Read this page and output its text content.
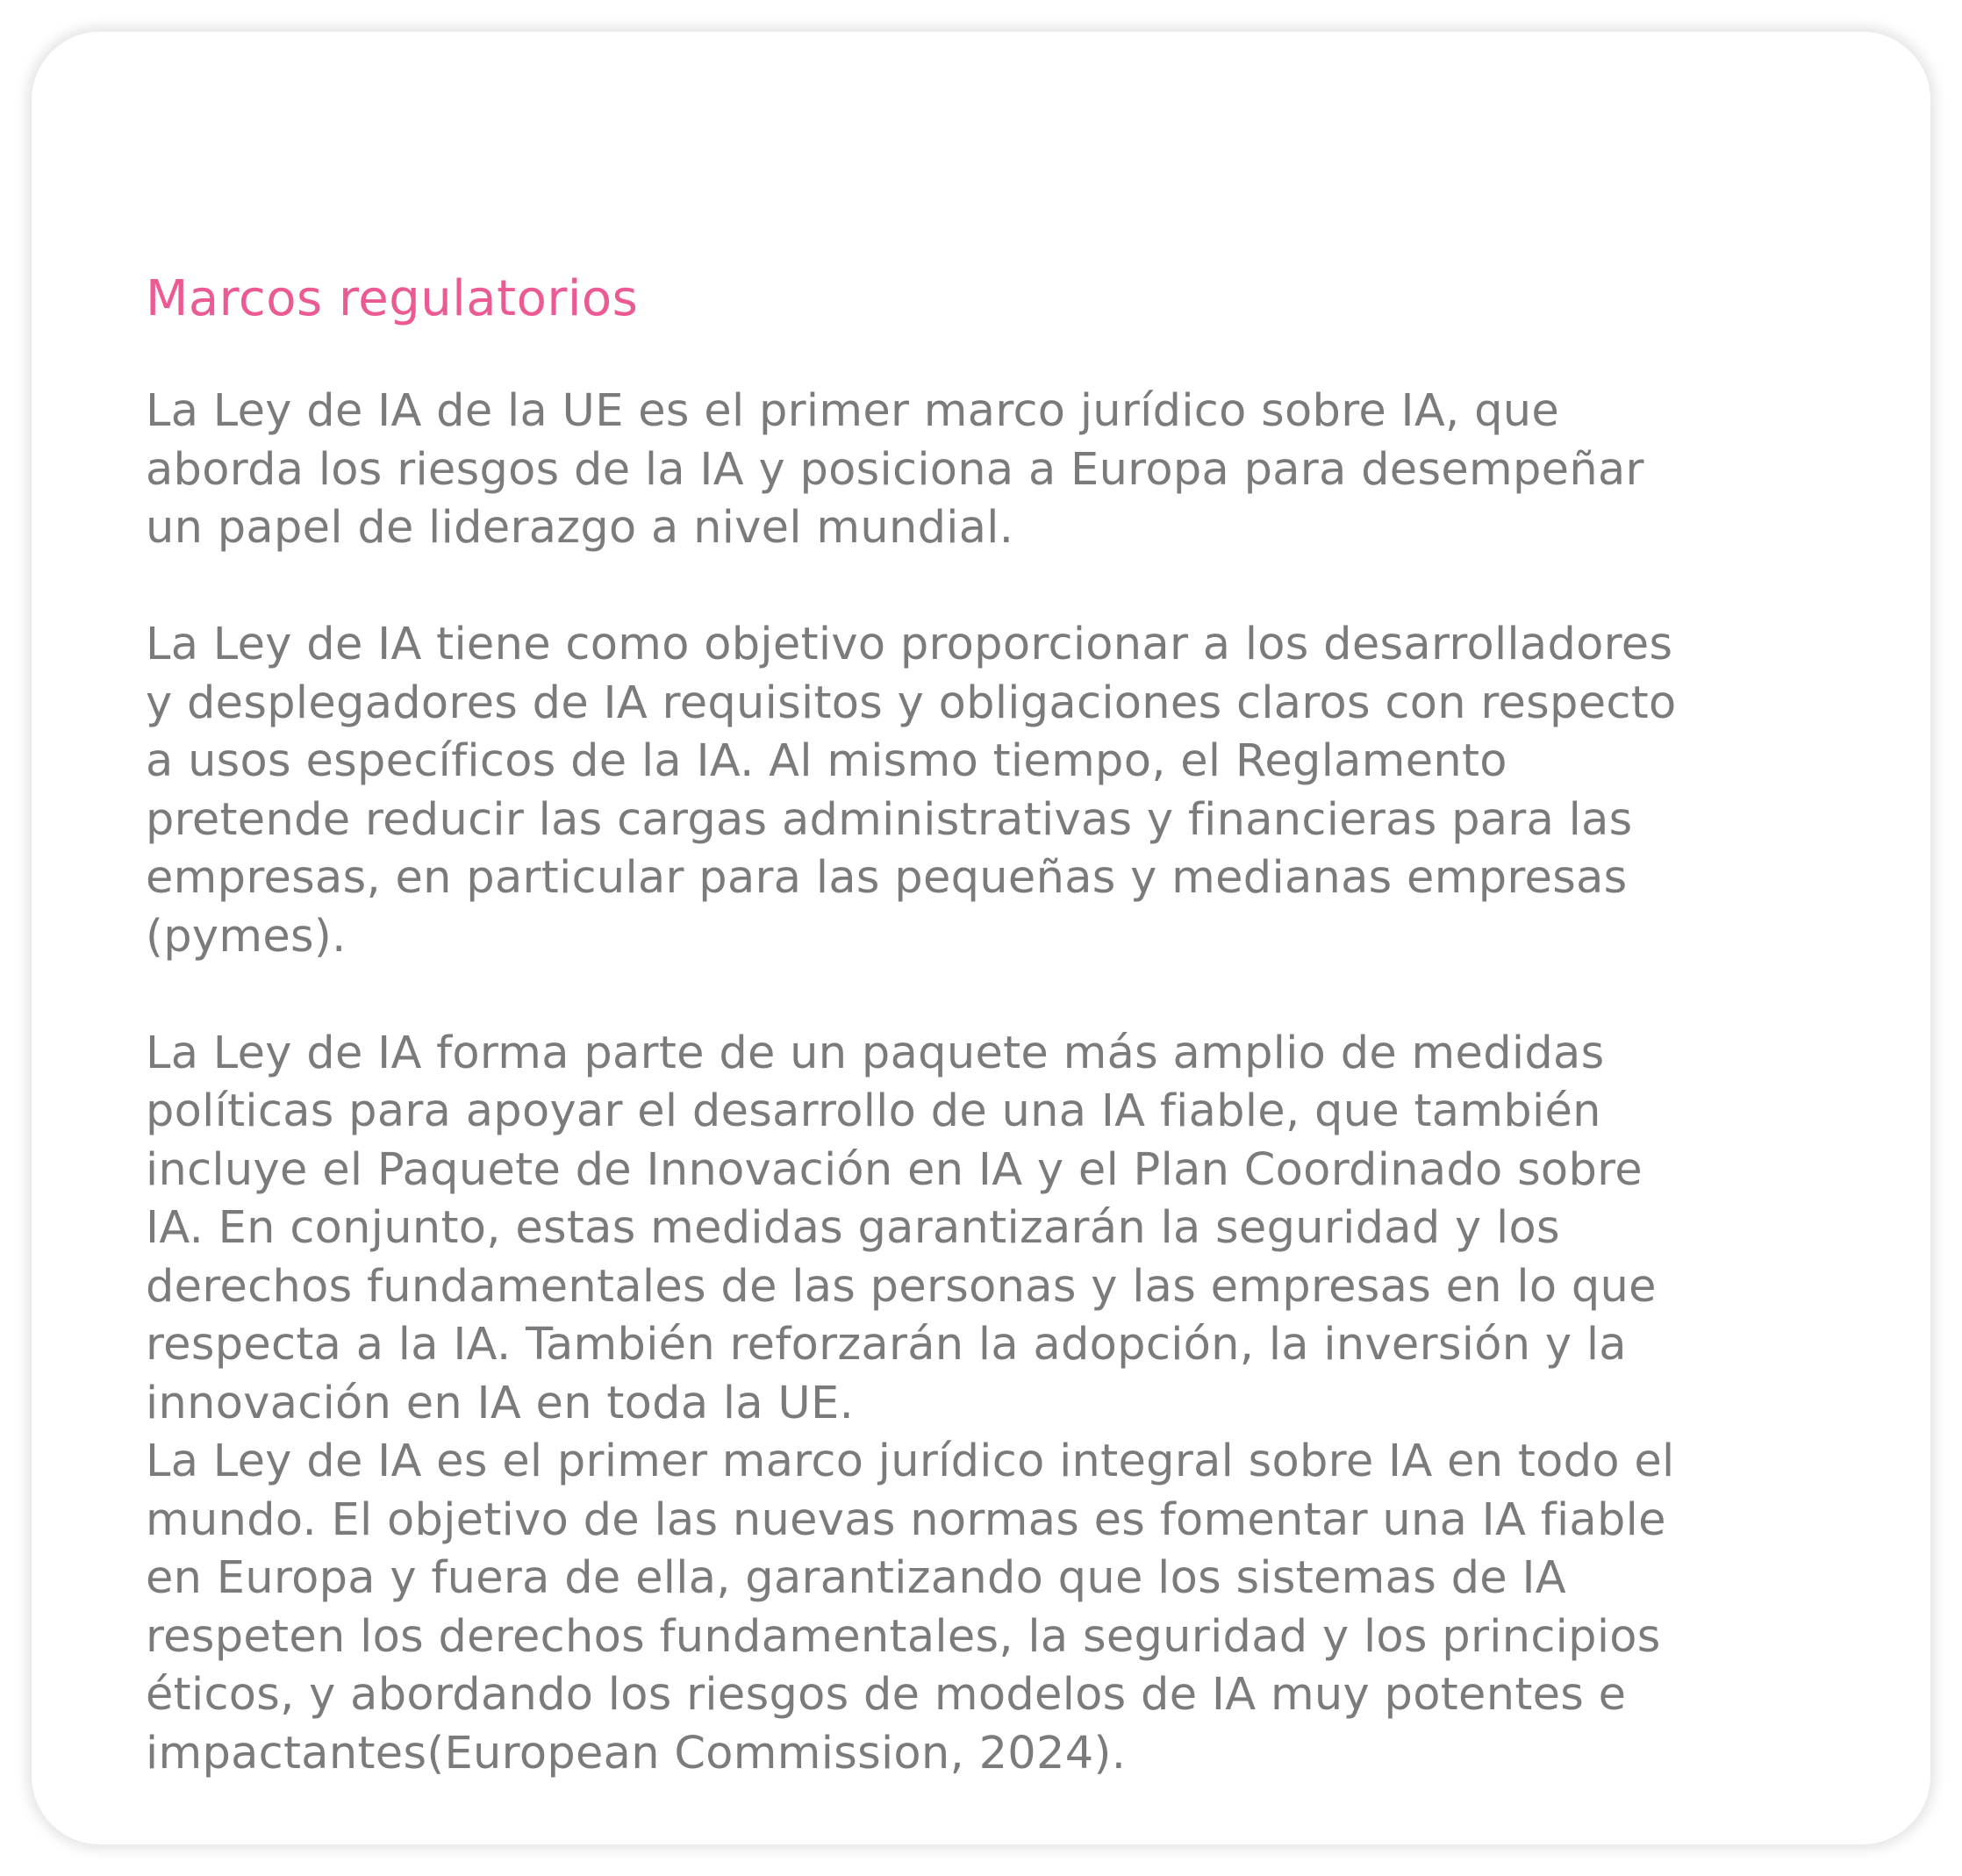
Marcos regulatorios

La Ley de IA de la UE es el primer marco jurídico sobre IA, que
aborda los riesgos de la IA y posiciona a Europa para desempeñar
un papel de liderazgo a nivel mundial.

La Ley de IA tiene como objetivo proporcionar a los desarrolladores
y desplegadores de IA requisitos y obligaciones claros con respecto
a usos específicos de la IA. Al mismo tiempo, el Reglamento
pretende reducir las cargas administrativas y financieras para las
empresas, en particular para las pequeñas y medianas empresas
(pymes).

La Ley de IA forma parte de un paquete más amplio de medidas
políticas para apoyar el desarrollo de una IA fiable, que también
incluye el Paquete de Innovación en IA y el Plan Coordinado sobre
IA. En conjunto, estas medidas garantizarán la seguridad y los
derechos fundamentales de las personas y las empresas en lo que
respecta a la IA. También reforzarán la adopción, la inversión y la
innovación en IA en toda la UE.

La Ley de IA es el primer marco jurídico integral sobre IA en todo el
mundo. El objetivo de las nuevas normas es fomentar una IA fiable
en Europa y fuera de ella, garantizando que los sistemas de IA
respeten los derechos fundamentales, la seguridad y los principios
éticos, y abordando los riesgos de modelos de IA muy potentes e
impactantes(European Commission, 2024).
